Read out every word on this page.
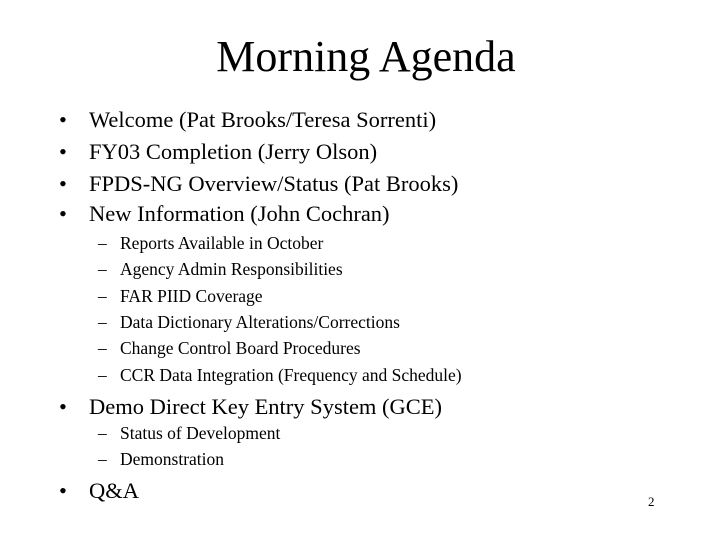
Morning Agenda
• Welcome (Pat Brooks/Teresa Sorrenti)
• FY03 Completion (Jerry Olson)
• FPDS-NG Overview/Status (Pat Brooks)
• New Information (John Cochran)
– Reports Available in October
– Agency Admin Responsibilities
– FAR PIID Coverage
– Data Dictionary Alterations/Corrections
– Change Control Board Procedures
– CCR Data Integration (Frequency and Schedule)
• Demo Direct Key Entry System (GCE)
– Status of Development
– Demonstration
• Q&A	2
